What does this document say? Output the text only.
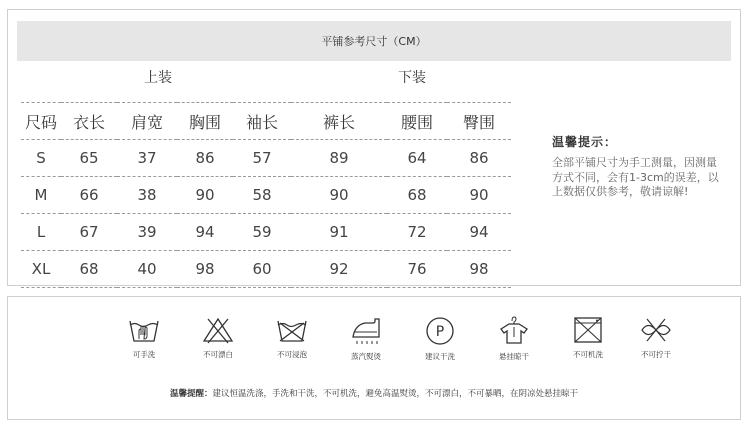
平铺参考尺寸（CM）
上装	下装
尺码	衣长	肩宽	胸围	袖长	裤长	腰围	臀围
S	65	37	86	57	89	64	86
M	66	38	90	58	90	68	90
L	67	39	94	59	91	72	94
XL	68	40	98	60	92	76	98
温馨提示：
全部平铺尺寸为手工测量，因测量方式不同，会有1-3cm的误差，以上数据仅供参考，敬请谅解!
可手洗	不可漂白	不可浸泡	蒸汽熨烫
P
建议干洗	悬挂晾干	不可机洗	不可拧干
温馨提醒：建议恒温洗涤，手洗和干洗，不可机洗，避免高温熨烫，不可漂白，不可暴晒，在阴凉处悬挂晾干
